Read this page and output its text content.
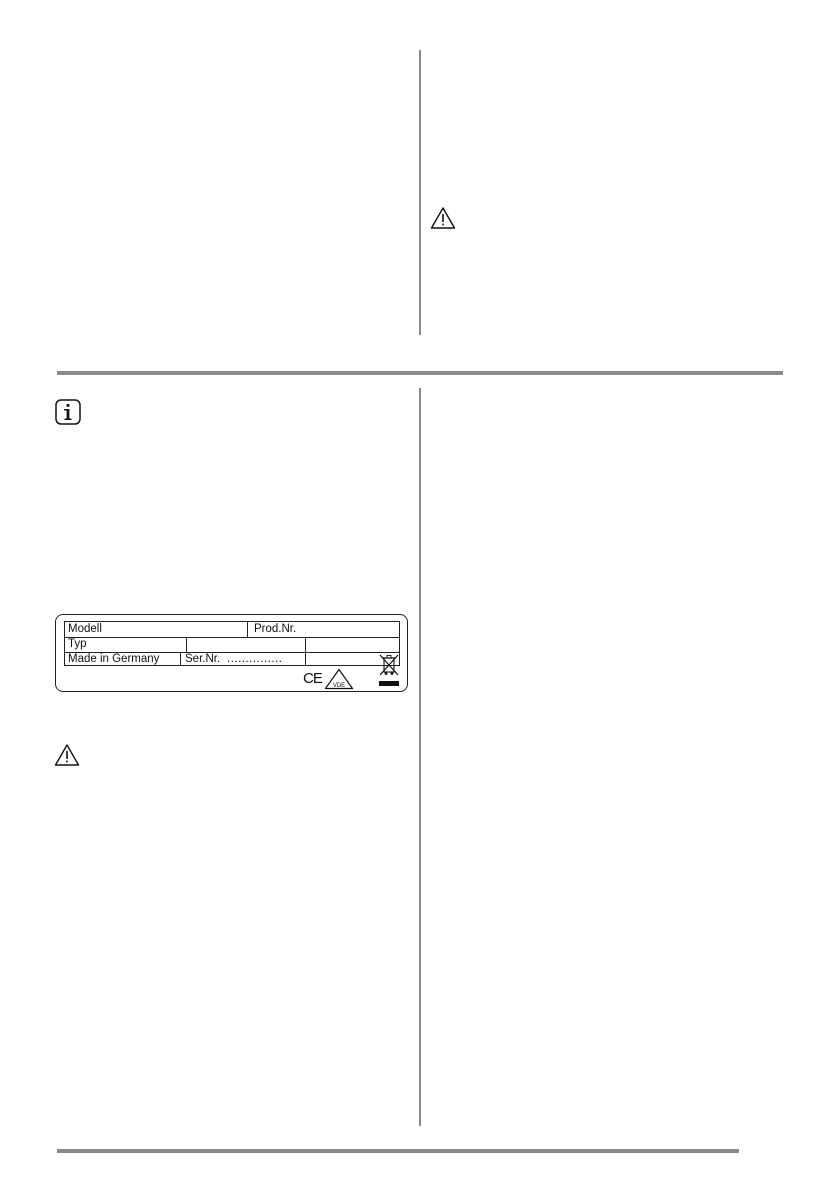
Modell	Prod.Nr.
Typ
Made in Germany Ser.Nr. ...............
CE VDE
